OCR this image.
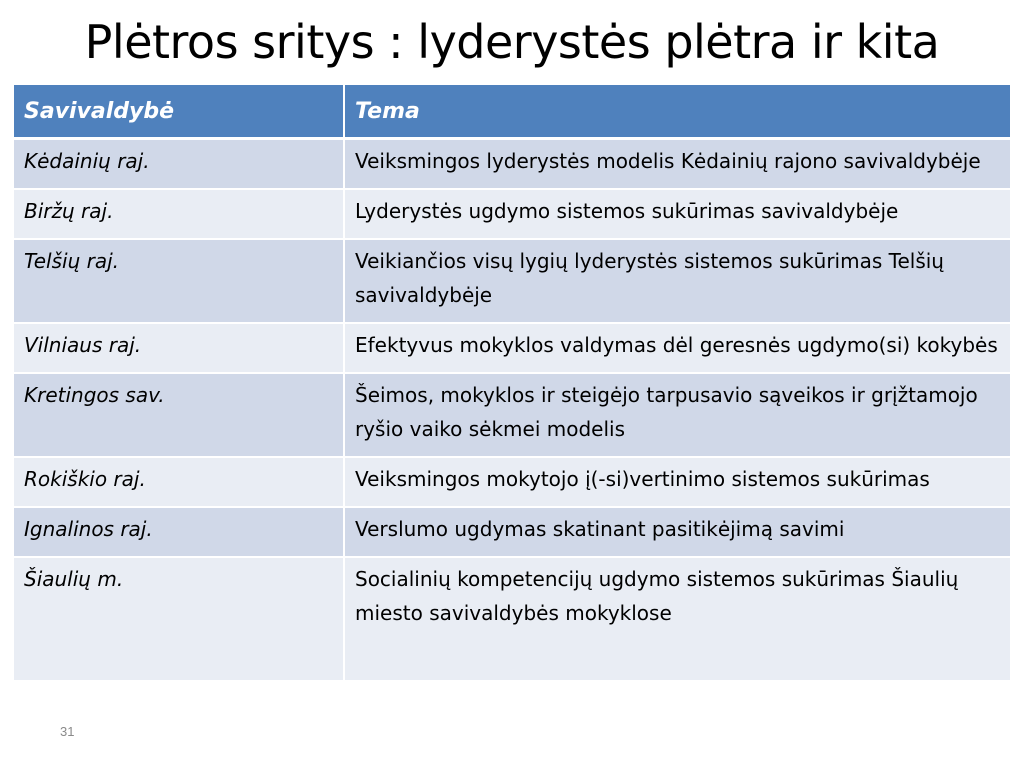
Plėtros sritys : lyderystės plėtra ir kita
Savivaldybė	Tema
Kėdainių raj.	Veiksmingos lyderystės modelis Kėdainių rajono savivaldybėje
Biržų raj.	Lyderystės ugdymo sistemos sukūrimas savivaldybėje
Telšių raj.	Veikiančios visų lygių lyderystės sistemos sukūrimas Telšių savivaldybėje
Vilniaus raj.	Efektyvus mokyklos valdymas dėl geresnės ugdymo(si) kokybės
Kretingos sav.	Šeimos, mokyklos ir steigėjo tarpusavio sąveikos ir grįžtamojo ryšio vaiko sėkmei modelis
Rokiškio raj.	Veiksmingos mokytojo į(-si)vertinimo sistemos sukūrimas
Ignalinos raj.	Verslumo ugdymas skatinant pasitikėjimą savimi
Šiaulių m.	Socialinių kompetencijų ugdymo sistemos sukūrimas Šiaulių miesto savivaldybės mokyklose
31
